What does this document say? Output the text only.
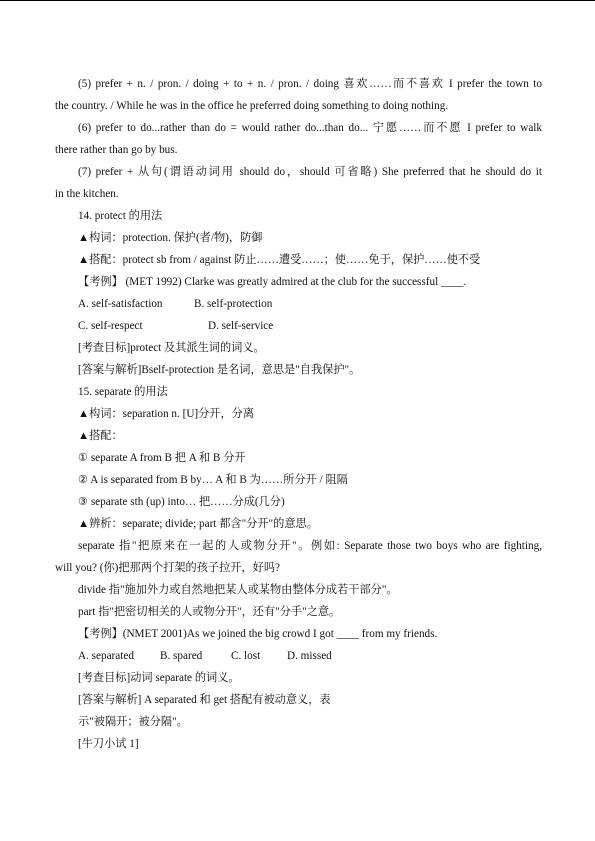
(5) prefer + n. / pron. / doing + to + n. / pron. / doing 喜欢……而不喜欢 I prefer the town to
the country. / While he was in the office he preferred doing something to doing nothing.
(6) prefer to do...rather than do = would rather do...than do... 宁愿……而不愿 I prefer to walk
there rather than go by bus.
(7) prefer + 从句(谓语动词用 should do，should 可省略) She preferred that he should do it
in the kitchen.
14. protect 的用法
▲构词：protection. 保护(者/物)，防御
▲搭配：protect sb from / against 防止……遭受……；使……免于，保护……使不受
【考例】 (MET 1992) Clarke was greatly admired at the club for the successful ____.
A. self-satisfaction	B. self-protection
C. self-respect	D. self-service
[考查目标]protect 及其派生词的词义。
[答案与解析]Bself-protection 是名词，意思是"自我保护"。
15. separate 的用法
▲构词：separation n. [U]分开，分离
▲搭配：
① separate A from B 把 A 和 B 分开
② A is separated from B by… A 和 B 为……所分开 / 阻隔
③ separate sth (up) into… 把……分成(几分)
▲辨析：separate; divide; part 都含"分开"的意思。
separate 指"把原来在一起的人或物分开"。例如: Separate those two boys who are fighting,
will you? (你)把那两个打架的孩子拉开，好吗?
divide 指"施加外力或自然地把某人或某物由整体分成若干部分"。
part 指"把密切相关的人或物分开"，还有"分手"之意。
【考例】(NMET 2001)As we joined the big crowd I got ____ from my friends.
A. separated B. spared	C. lost D. missed
[考查目标]动词 separate 的词义。
[答案与解析] A separated 和 get 搭配有被动意义，表
示"被隔开；被分隔"。
[牛刀小试 1]
